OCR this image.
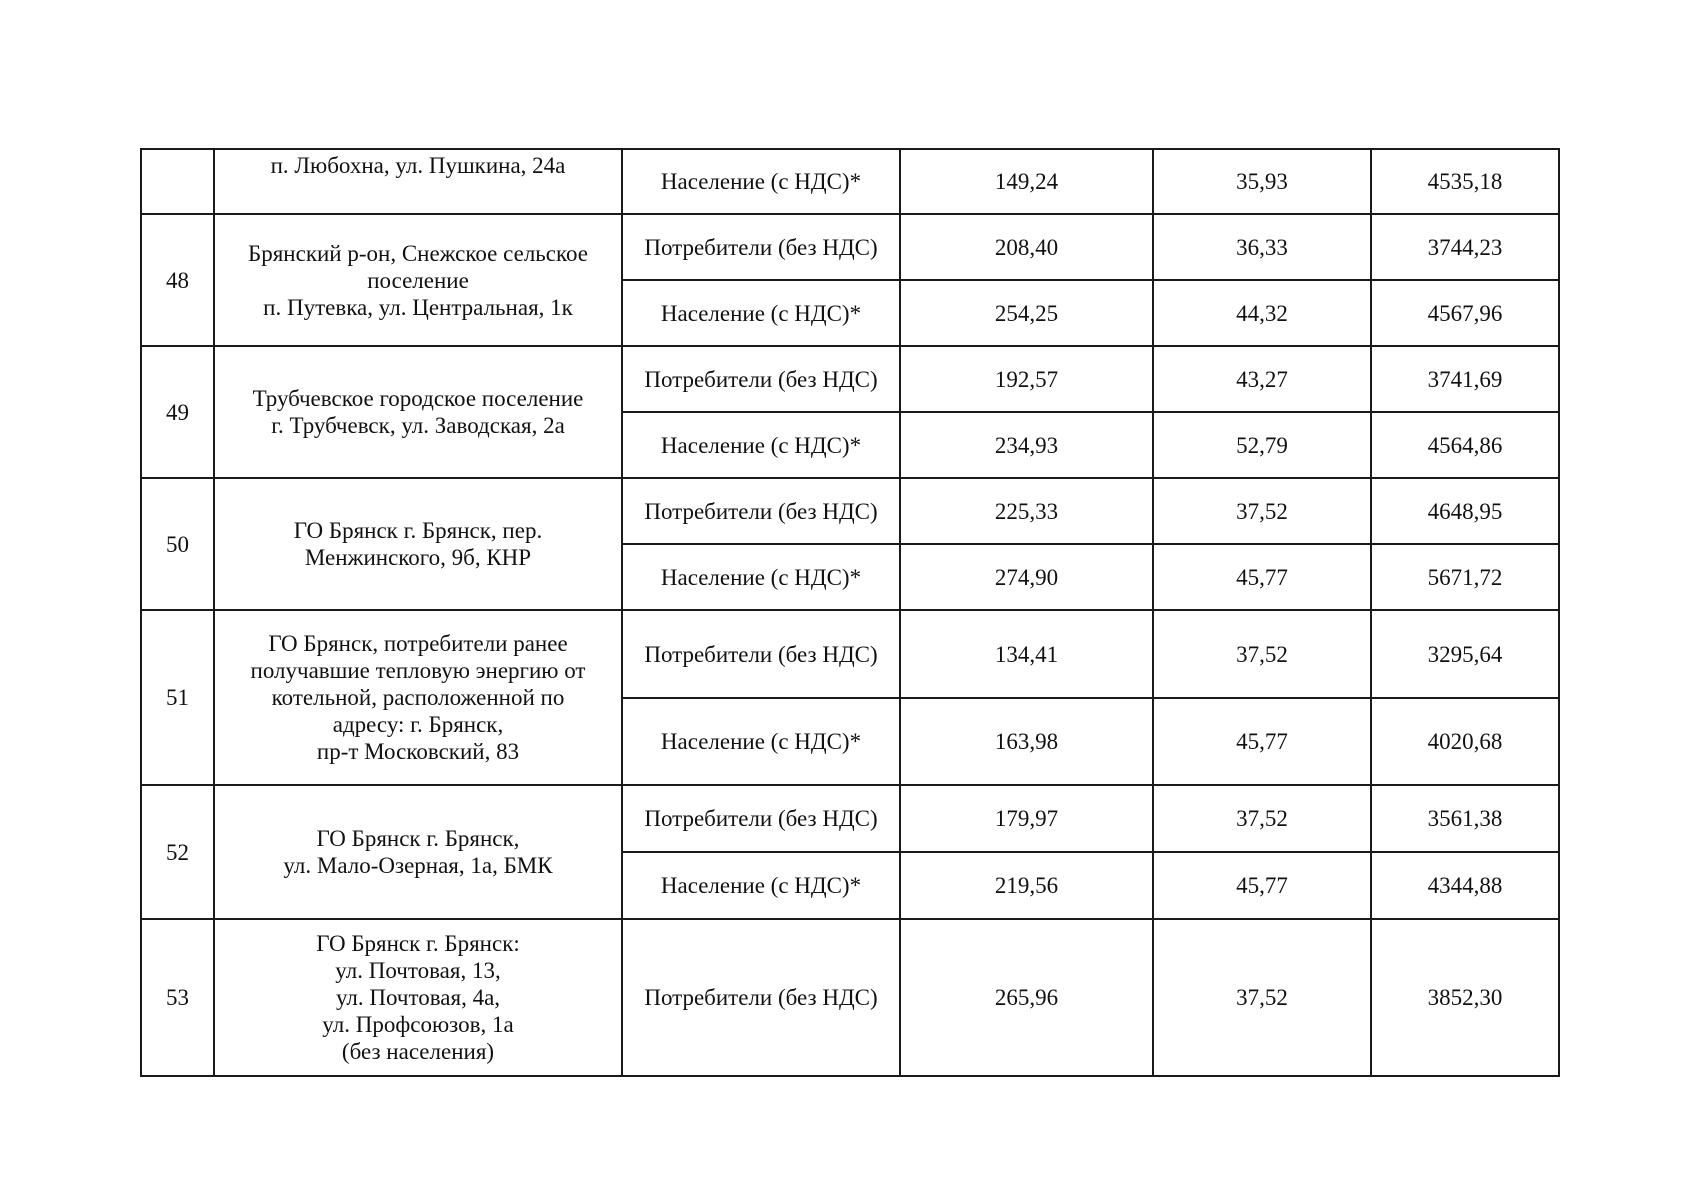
	п. Любохна, ул. Пушкина, 24а	Население (с НДС)*	149,24	35,93	4535,18
48	Брянский р-он, Снежское сельское
поселение
п. Путевка, ул. Центральная, 1к	Потребители (без НДС)	208,40	36,33	3744,23
		Население (с НДС)*	254,25	44,32	4567,96
49	Трубчевское городское поселение
г. Трубчевск, ул. Заводская, 2а	Потребители (без НДС)	192,57	43,27	3741,69
		Население (с НДС)*	234,93	52,79	4564,86
50	ГО Брянск г. Брянск, пер.
Менжинского, 9б, КНР	Потребители (без НДС)	225,33	37,52	4648,95
		Население (с НДС)*	274,90	45,77	5671,72
51	ГО Брянск, потребители ранее
получавшие тепловую энергию от
котельной, расположенной по
адресу: г. Брянск,
пр-т Московский, 83	Потребители (без НДС)	134,41	37,52	3295,64
		Население (с НДС)*	163,98	45,77	4020,68
52	ГО Брянск г. Брянск,
ул. Мало-Озерная, 1а, БМК	Потребители (без НДС)	179,97	37,52	3561,38
		Население (с НДС)*	219,56	45,77	4344,88
53	ГО Брянск г. Брянск:
ул. Почтовая, 13,
ул. Почтовая, 4а,
ул. Профсоюзов, 1а
(без населения)	Потребители (без НДС)	265,96	37,52	3852,30
